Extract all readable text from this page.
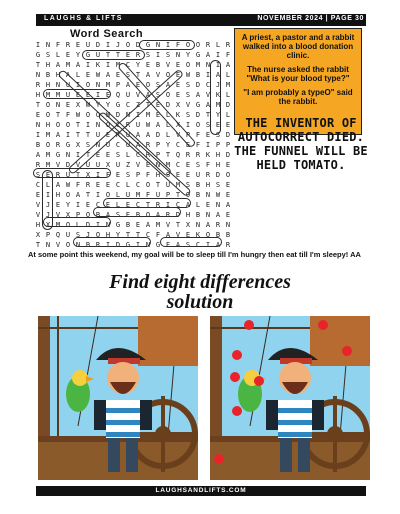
LAUGHS & LIFTS	NOVEMBER 2024 | PAGE 30
Word Search
I N F R E U D I J O D G N I F O O R L R
G S L E Y G U T T E R S I S N Y G A I F
T H A M A I K I M C Y E B V E O M N I A
N B H A L E W A E S T A V O E W B I A L
R H N U I O N M P A E O S A E S D C J M
H M M U E E I E Q U V A S O E S A V K L
T O N E X W Y Y G C Z T E D X V G A M D
E O T F W O O W D N I M E L K S D T Y L
N H O O T I N O C R U W A L X I O S E E
I M A I T T U E R U A A D L V P F E S D
B O R G X S N U C U A R P Y C E F I P P
A M G N I T E E S L C R P T Q R R K H D
R M V D V U U X U Z V E N M C E S F H E
S E R U T X I F E S P F H S E E U R D O
C L A W F R E E C L C O T U M S B H S E
E I H O A T I O L U M F U P T O B N W E
V J E Y I E C E L E C T R I C A L E N A
V J V X P O B A S E B O A R D H B N A E
H X M O L D I N G B E A M V T X N A R N
X P Q U S J O H Y T T C F A V E K O B B
T N V O N B R I D G I N G F A S C I A R

A priest, a pastor and a rabbit walked into a blood donation clinic.

The nurse asked the rabbit "What is your blood type?"

"I am probably a typeO" said the rabbit.

THE INVENTOR OF AUTOCORRECT DIED. THE FUNNEL WILL BE HELD TOMATO.
At some point this weekend, my goal will be to sleep till I'm hungry then eat till I'm sleepy! AA
Find eight differences
solution
LAUGHSANDLIFTS.COM
